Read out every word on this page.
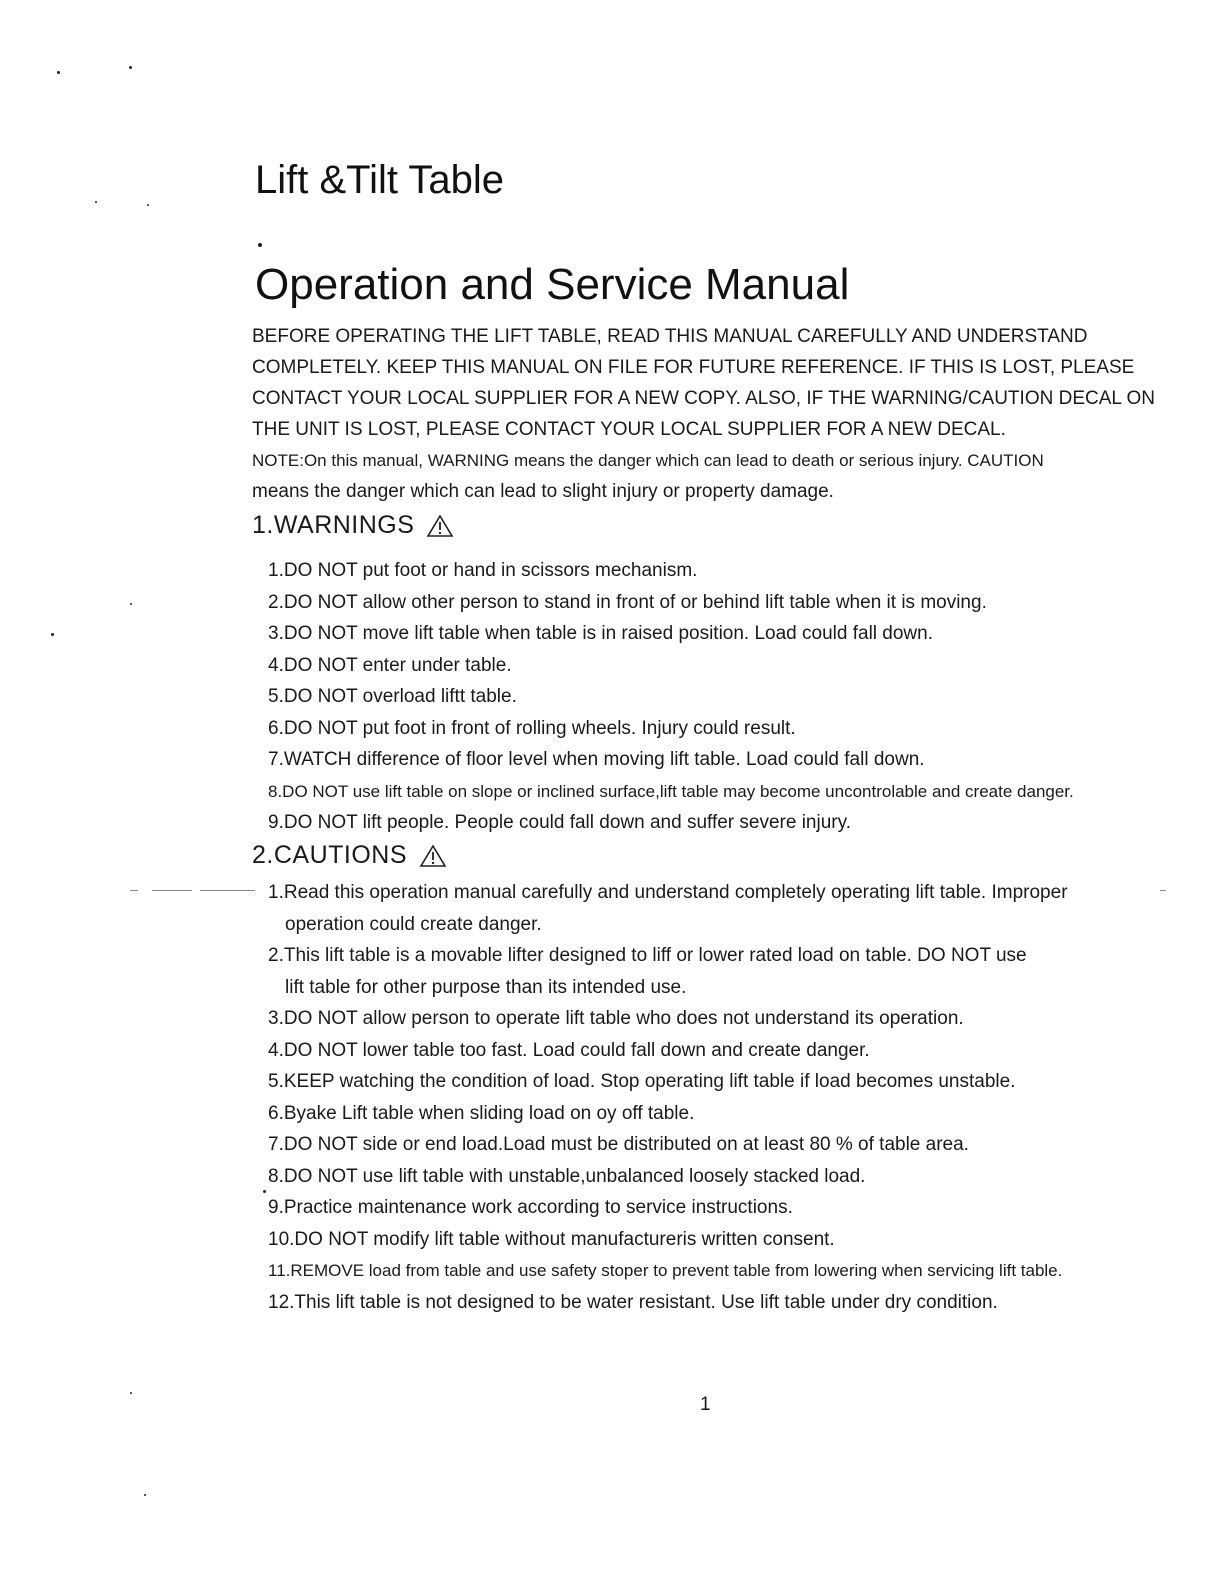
Lift &Tilt Table
Operation and Service Manual
BEFORE OPERATING THE LIFT TABLE, READ THIS MANUAL CAREFULLY AND UNDERSTAND
COMPLETELY. KEEP THIS MANUAL ON FILE FOR FUTURE REFERENCE. IF THIS IS LOST, PLEASE
CONTACT YOUR LOCAL SUPPLIER FOR A NEW COPY. ALSO, IF THE WARNING/CAUTION DECAL ON
THE UNIT IS LOST, PLEASE CONTACT YOUR LOCAL SUPPLIER FOR A NEW DECAL.
NOTE:On this manual, WARNING means the danger which can lead to death or serious injury. CAUTION
means the danger which can lead to slight injury or property damage.
1.WARNINGS
1.DO NOT put foot or hand in scissors mechanism.
2.DO NOT allow other person to stand in front of or behind lift table when it is moving.
3.DO NOT move lift table when table is in raised position. Load could fall down.
4.DO NOT enter under table.
5.DO NOT overload liftt table.
6.DO NOT put foot in front of rolling wheels. Injury could result.
7.WATCH difference of floor level when moving lift table. Load could fall down.
8.DO NOT use lift table on slope or inclined surface,lift table may become uncontrolable and create danger.
9.DO NOT lift people. People could fall down and suffer severe injury.
2.CAUTIONS
1.Read this operation manual carefully and understand completely operating lift table. Improper
operation could create danger.
2.This lift table is a movable lifter designed to liff or lower rated load on table. DO NOT use
lift table for other purpose than its intended use.
3.DO NOT allow person to operate lift table who does not understand its operation.
4.DO NOT lower table too fast. Load could fall down and create danger.
5.KEEP watching the condition of load. Stop operating lift table if load becomes unstable.
6.Byake Lift table when sliding load on oy off table.
7.DO NOT side or end load.Load must be distributed on at least 80 % of table area.
8.DO NOT use lift table with unstable,unbalanced loosely stacked load.
9.Practice maintenance work according to service instructions.
10.DO NOT modify lift table without manufactureris written consent.
11.REMOVE load from table and use safety stoper to prevent table from lowering when servicing lift table.
12.This lift table is not designed to be water resistant. Use lift table under dry condition.
1
